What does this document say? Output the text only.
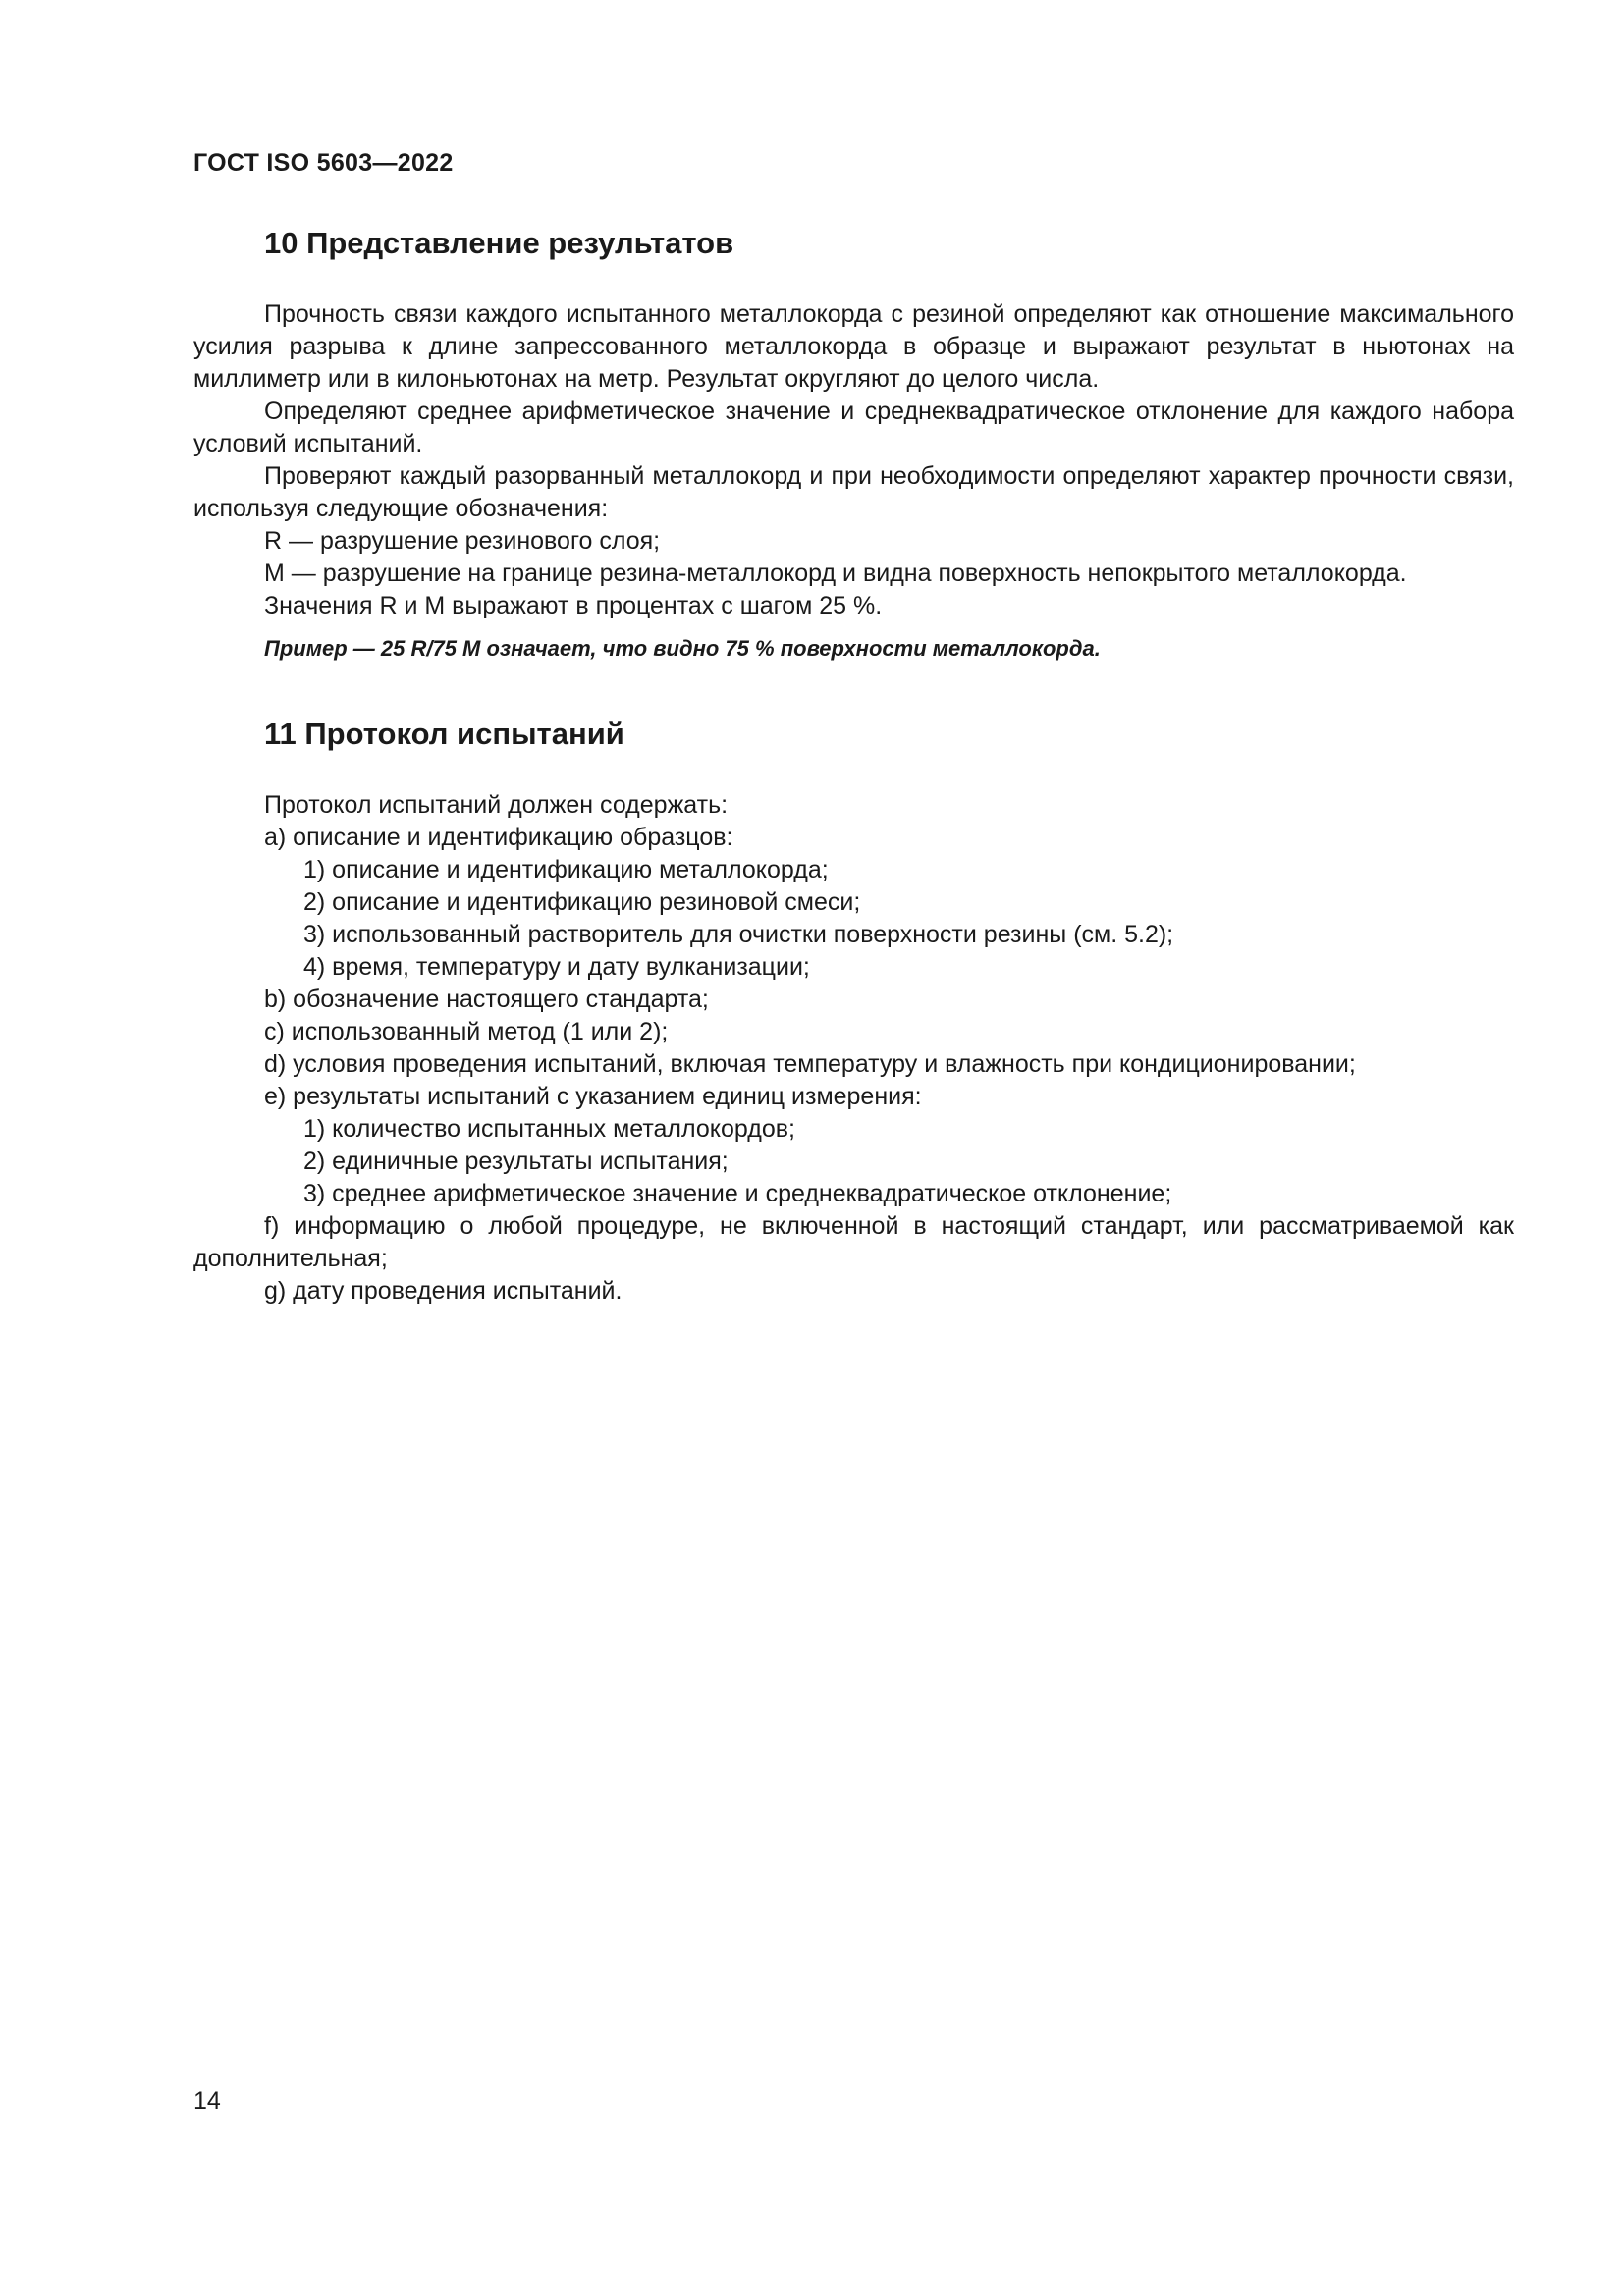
ГОСТ ISO 5603—2022
10 Представление результатов

Прочность связи каждого испытанного металлокорда с резиной определяют как отношение максимального усилия разрыва к длине запрессованного металлокорда в образце и выражают результат в ньютонах на миллиметр или в килоньютонах на метр. Результат округляют до целого числа.

Определяют среднее арифметическое значение и среднеквадратическое отклонение для каждого набора условий испытаний.

Проверяют каждый разорванный металлокорд и при необходимости определяют характер прочности связи, используя следующие обозначения:

R — разрушение резинового слоя;

М — разрушение на границе резина-металлокорд и видна поверхность непокрытого металлокорда.

Значения R и М выражают в процентах с шагом 25 %.

Пример — 25 R/75 M означает, что видно 75 % поверхности металлокорда.

11 Протокол испытаний

Протокол испытаний должен содержать:

a) описание и идентификацию образцов:

1) описание и идентификацию металлокорда;

2) описание и идентификацию резиновой смеси;

3) использованный растворитель для очистки поверхности резины (см. 5.2);

4) время, температуру и дату вулканизации;

b) обозначение настоящего стандарта;

c) использованный метод (1 или 2);

d) условия проведения испытаний, включая температуру и влажность при кондиционировании;

e) результаты испытаний с указанием единиц измерения:

1) количество испытанных металлокордов;

2) единичные результаты испытания;

3) среднее арифметическое значение и среднеквадратическое отклонение;

f) информацию о любой процедуре, не включенной в настоящий стандарт, или рассматриваемой как дополнительная;

g) дату проведения испытаний.

14
